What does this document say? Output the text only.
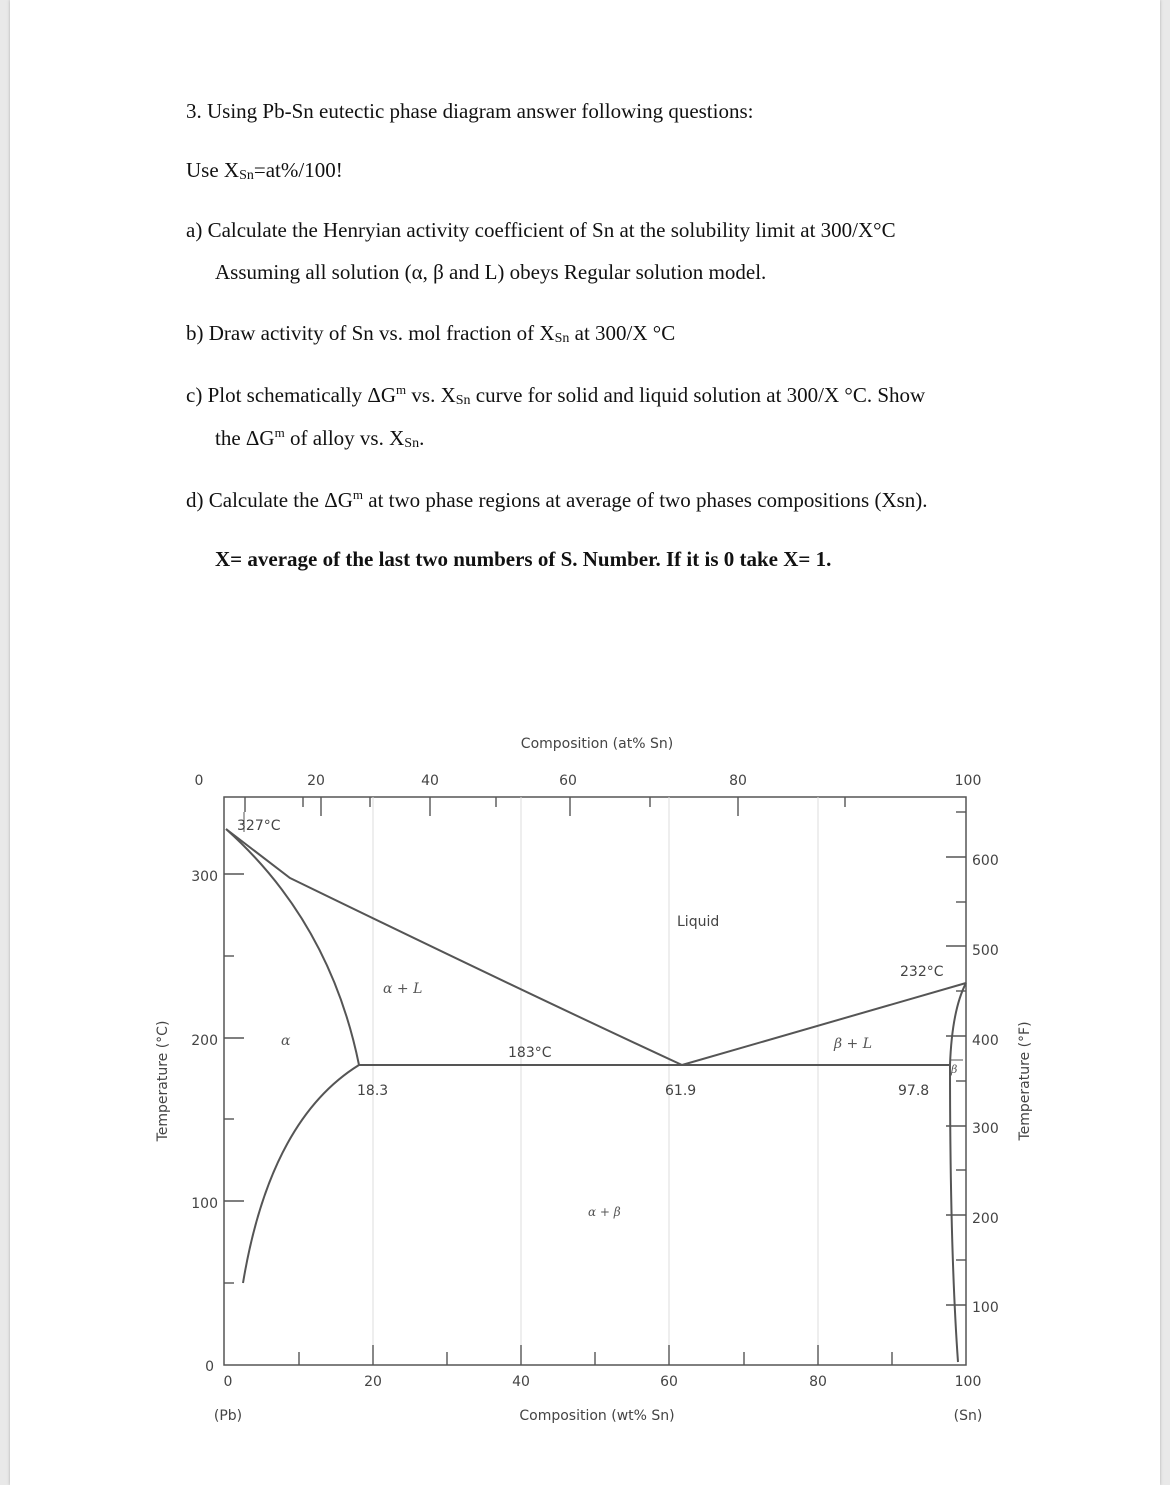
3. Using Pb-Sn eutectic phase diagram answer following questions:
Use $X_{Sn}=at\%/100$!
a) Calculate the Henryian activity coefficient of Sn at the solubility limit at 300/X°C
Assuming all solution (α, β and L) obeys Regular solution model.
b) Draw activity of Sn vs. mol fraction of $X_{Sn}$ at 300/X °C
c) Plot schematically $\Delta G^m$ vs. $X_{Sn}$ curve for solid and liquid solution at 300/X °C. Show
the $\Delta G^m$ of alloy vs. $X_{Sn}$.
d) Calculate the $\Delta G^m$ at two phase regions at average of two phases compositions (Xsn).
X= average of the last two numbers of S. Number. If it is 0 take X= 1.
Composition (at% Sn)
Composition (wt% Sn)
Temperature (°C)	Temperature (°F)
0	20	40	60	80	100
0	20	40	60	80	100
0
100
200
300
100
200
300
400
500
600
(Pb)	(Sn)
327°C
232°C
183°C
18.3	61.9	97.8
Liquid
α + L
β + L
α
β
α + β
